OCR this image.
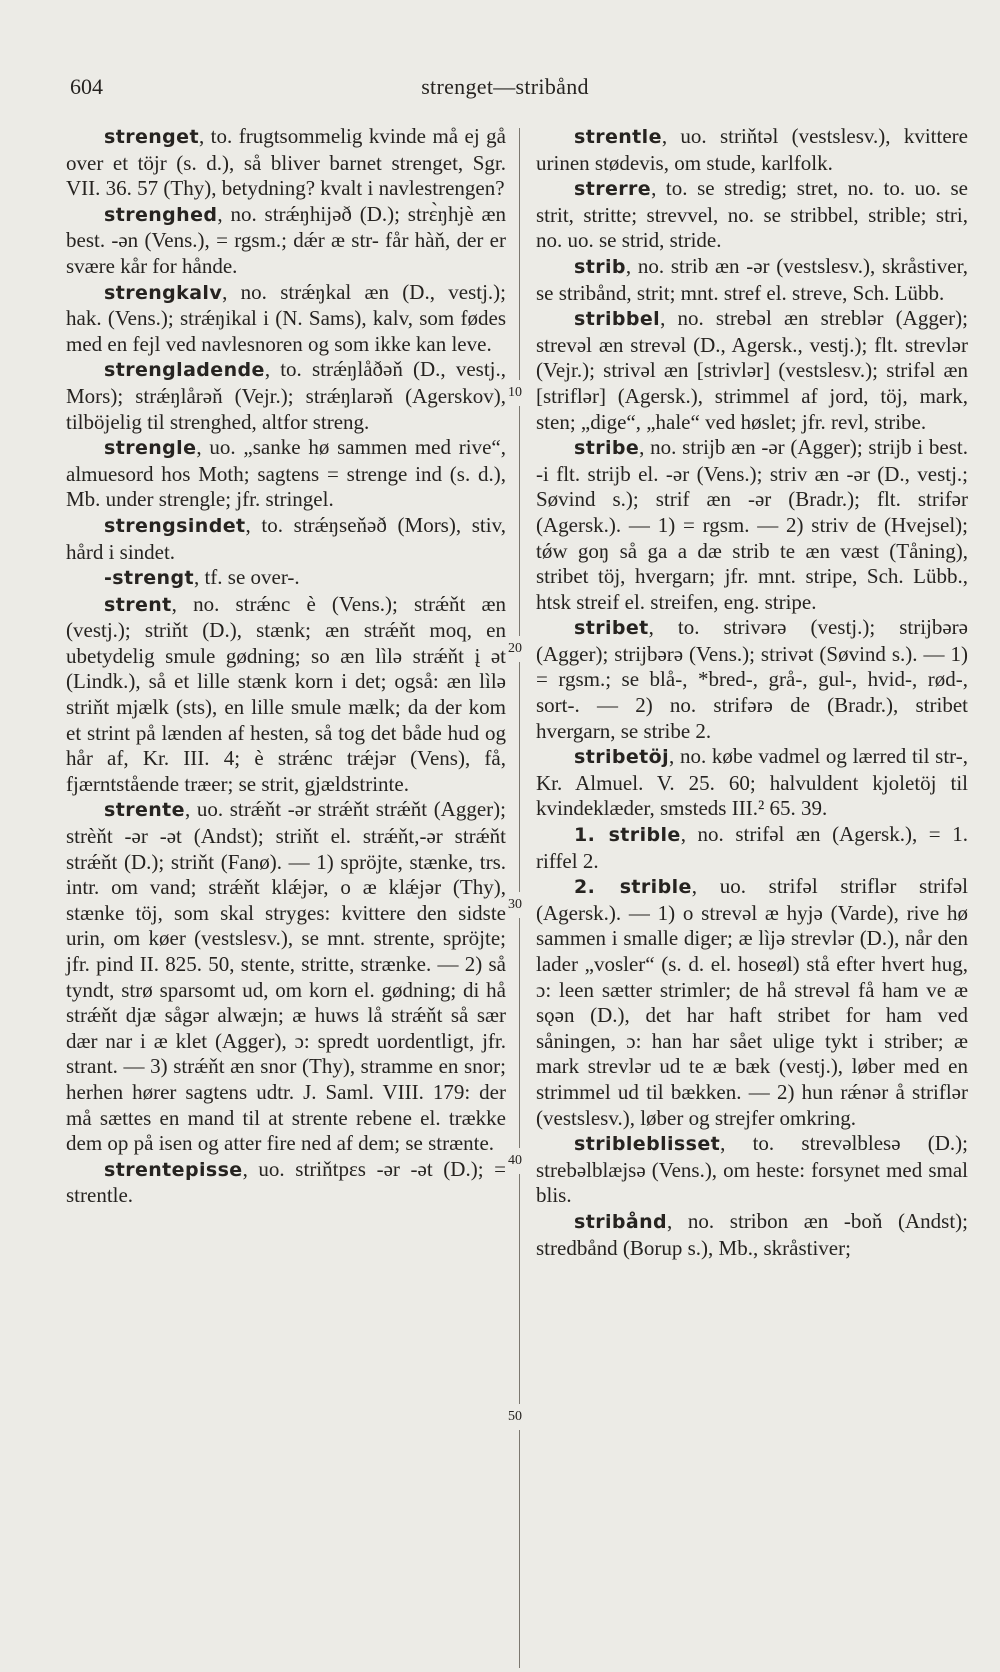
604	strenget—stribånd

strenget, to. frugtsommelig kvinde må ej gå over et töjr (s. d.), så bliver barnet strenget, Sgr. VII. 36. 57 (Thy), betydning? kvalt i navlestrengen?

strenghed, no. strǽŋhijəð (D.); strɛ̀ŋhjè æn best. -ən (Vens.), = rgsm.; dǽr æ str- får hàň, der er svære kår for hånde.

strengkalv, no. strǽŋkal æn (D., vestj.); hak. (Vens.); strǽŋikal i (N. Sams), kalv, som fødes med en fejl ved navlesnoren og som ikke kan leve.

strengladende, to. strǽŋlåðəň (D., vestj., Mors); strǽŋlårəň (Vejr.); strǽŋlarəň (Agerskov), tilböjelig til strenghed, altfor streng.

strengle, uo. „sanke hø sammen med rive“, almuesord hos Moth; sagtens = strenge ind (s. d.), Mb. under strengle; jfr. stringel.

strengsindet, to. strǽŋseňəð (Mors), stiv, hård i sindet.

-strengt, tf. se over-.

strent, no. strǽnc è (Vens.); strǽňt æn (vestj.); striňt (D.), stænk; æn strǽňt moq, en ubetydelig smule gødning; so æn lìlə strǽňt į ət (Lindk.), så et lille stænk korn i det; også: æn lìlə striňt mjælk (sts), en lille smule mælk; da der kom et strint på lænden af hesten, så tog det både hud og hår af, Kr. III. 4; è strǽnc trǽjər (Vens), få, fjærntstående træer; se strit, gjældstrinte.

strente, uo. strǽňt -ər strǽňt strǽňt (Agger); strèňt -ər -ət (Andst); striňt el. strǽňt,-ər strǽňt strǽňt (D.); striňt (Fanø). — 1) spröjte, stænke, trs. intr. om vand; strǽňt klǽjər, o æ klǽjər (Thy), stænke töj, som skal stryges: kvittere den sidste urin, om køer (vestslesv.), se mnt. strente, spröjte; jfr. pind II. 825. 50, stente, stritte, strænke. — 2) så tyndt, strø sparsomt ud, om korn el. gødning; di hå strǽňt djæ sågər alwæjn; æ huws lå strǽňt så sær dær nar i æ klet (Agger), ɔ: spredt uordentligt, jfr. strant. — 3) strǽňt æn snor (Thy), stramme en snor; herhen hører sagtens udtr. J. Saml. VIII. 179: der må sættes en mand til at strente rebene el. trække dem op på isen og atter fire ned af dem; se strænte.

strentepisse, uo. striňtpɛs -ər -ət (D.); = strentle.

10
20
30
40
50

strentle, uo. striňtəl (vestslesv.), kvittere urinen stødevis, om stude, karlfolk.

strerre, to. se stredig; stret, no. to. uo. se strit, stritte; strevvel, no. se stribbel, strible; stri, no. uo. se strid, stride.

strib, no. strib æn -ər (vestslesv.), skråstiver, se stribånd, strit; mnt. stref el. streve, Sch. Lübb.

stribbel, no. strebəl æn streblər (Agger); strevəl æn strevəl (D., Agersk., vestj.); flt. strevlər (Vejr.); strivəl æn [strivlər] (vestslesv.); strifəl æn [striflər] (Agersk.), strimmel af jord, töj, mark, sten; „dige“, „hale“ ved høslet; jfr. revl, stribe.

stribe, no. strijb æn -ər (Agger); strijb i best. -i flt. strijb el. -ər (Vens.); striv æn -ər (D., vestj.; Søvind s.); strif æn -ər (Bradr.); flt. strifər (Agersk.). — 1) = rgsm. — 2) striv de (Hvejsel); tǿw goŋ så ga a dæ strib te æn væst (Tåning), stribet töj, hvergarn; jfr. mnt. stripe, Sch. Lübb., htsk streif el. streifen, eng. stripe.

stribet, to. strivərə (vestj.); strijbərə (Agger); strijbərə (Vens.); strivət (Søvind s.). — 1) = rgsm.; se blå-, *bred-, grå-, gul-, hvid-, rød-, sort-. — 2) no. strifərə de (Bradr.), stribet hvergarn, se stribe 2.

stribetöj, no. købe vadmel og lærred til str-, Kr. Almuel. V. 25. 60; halvuldent kjoletöj til kvindeklæder, smsteds III.² 65. 39.

1. strible, no. strifəl æn (Agersk.), = 1. riffel 2.

2. strible, uo. strifəl striflər strifəl (Agersk.). — 1) o strevəl æ hyjə (Varde), rive hø sammen i smalle diger; æ lìjə strevlər (D.), når den lader „vosler“ (s. d. el. hoseøl) stå efter hvert hug, ɔ: leen sætter strimler; de hå strevəl få ham ve æ sǫən (D.), det har haft stribet for ham ved såningen, ɔ: han har sået ulige tykt i striber; æ mark strevlər ud te æ bæk (vestj.), løber med en strimmel ud til bækken. — 2) hun rǽnər å striflər (vestslesv.), løber og strejfer omkring.

stribleblisset, to. strevəlblesə (D.); strebəlblæjsə (Vens.), om heste: forsynet med smal blis.

stribånd, no. stribon æn -boň (Andst); stredbånd (Borup s.), Mb., skråstiver;
